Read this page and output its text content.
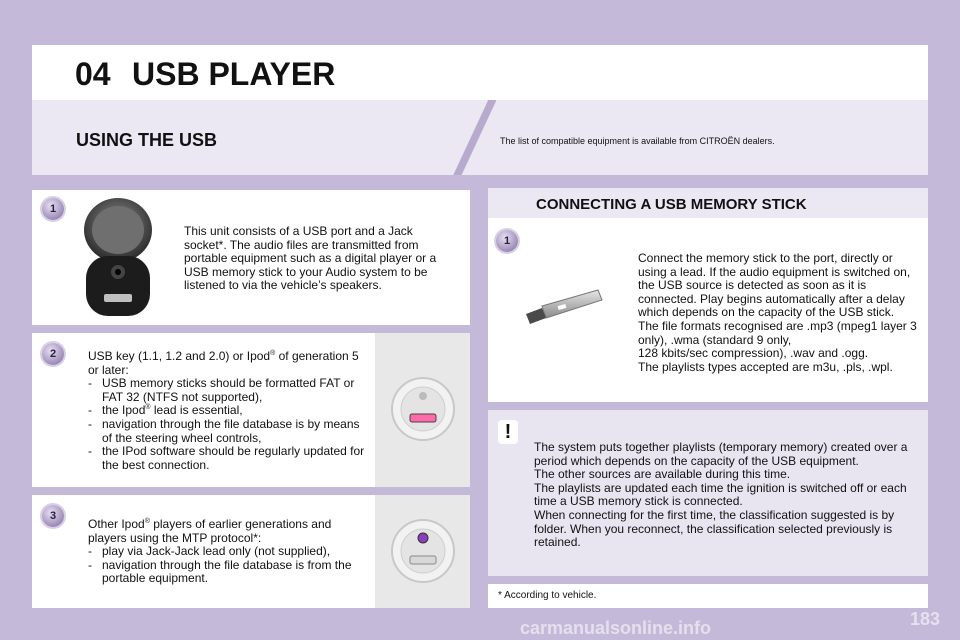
04 USB PLAYER
USING THE USB	The list of compatible equipment is available from CITROËN dealers.
1
This unit consists of a USB port and a Jack socket*. The audio files are transmitted from portable equipment such as a digital player or a USB memory stick to your Audio system to be listened to via the vehicle’s speakers.
2	USB key (1.1, 1.2 and 2.0) or Ipod® of generation 5 or later:
- USB memory sticks should be formatted FAT or FAT 32 (NTFS not supported),
- the Ipod® lead is essential,
- navigation through the file database is by means of the steering wheel controls,
- the IPod software should be regularly updated for the best connection.
3
Other Ipod® players of earlier generations and players using the MTP protocol*:
- play via Jack-Jack lead only (not supplied),
- navigation through the file database is from the portable equipment.
CONNECTING A USB MEMORY STICK
1
Connect the memory stick to the port, directly or using a lead. If the audio equipment is switched on, the USB source is detected as soon as it is connected. Play begins automatically after a delay which depends on the capacity of the USB stick.
The file formats recognised are .mp3 (mpeg1 layer 3 only), .wma (standard 9 only,
128 kbits/sec compression), .wav and .ogg.
The playlists types accepted are m3u, .pls, .wpl.
!
The system puts together playlists (temporary memory) created over a period which depends on the capacity of the USB equipment.
The other sources are available during this time.
The playlists are updated each time the ignition is switched off or each time a USB memory stick is connected.
When connecting for the first time, the classification suggested is by folder. When you reconnect, the classification selected previously is retained.
* According to vehicle.
carmanualsonline.info	183
